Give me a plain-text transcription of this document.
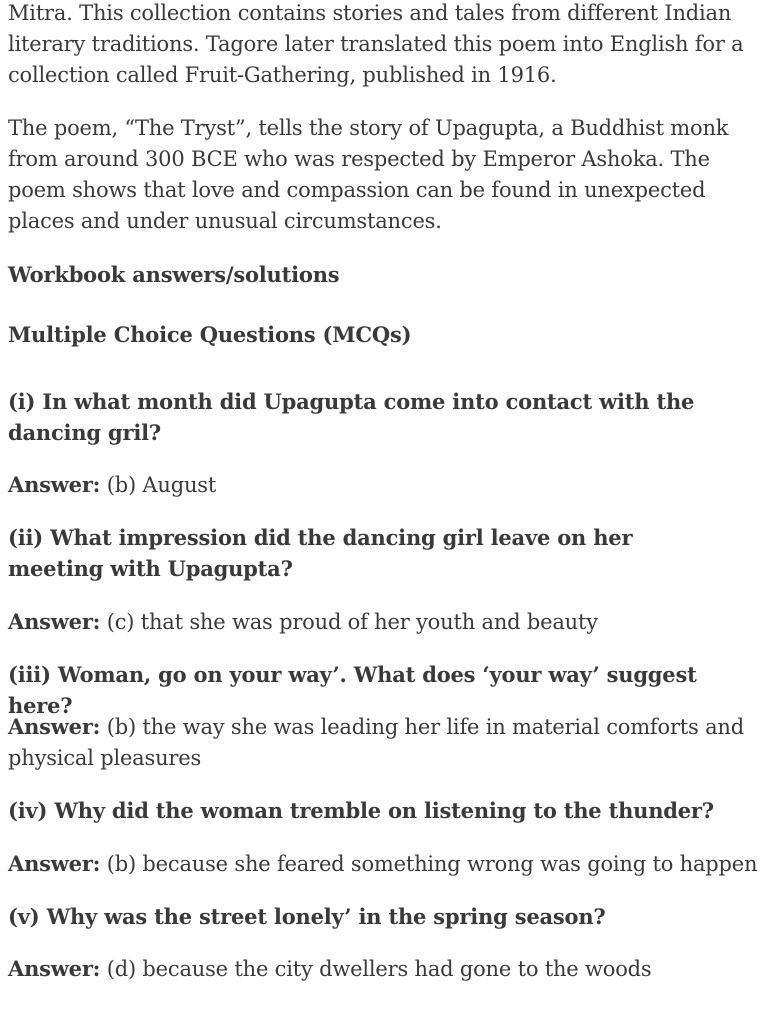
Mitra. This collection contains stories and tales from different Indian literary traditions. Tagore later translated this poem into English for a collection called Fruit-Gathering, published in 1916.

The poem, “The Tryst”, tells the story of Upagupta, a Buddhist monk from around 300 BCE who was respected by Emperor Ashoka. The poem shows that love and compassion can be found in unexpected places and under unusual circumstances.

Workbook answers/solutions

Multiple Choice Questions (MCQs)

(i) In what month did Upagupta come into contact with the dancing gril?

Answer: (b) August

(ii) What impression did the dancing girl leave on her meeting with Upagupta?

Answer: (c) that she was proud of her youth and beauty

(iii) Woman, go on your way’. What does ‘your way’ suggest here?

Answer: (b) the way she was leading her life in material comforts and physical pleasures

(iv) Why did the woman tremble on listening to the thunder?

Answer: (b) because she feared something wrong was going to happen

(v) Why was the street lonely’ in the spring season?

Answer: (d) because the city dwellers had gone to the woods
